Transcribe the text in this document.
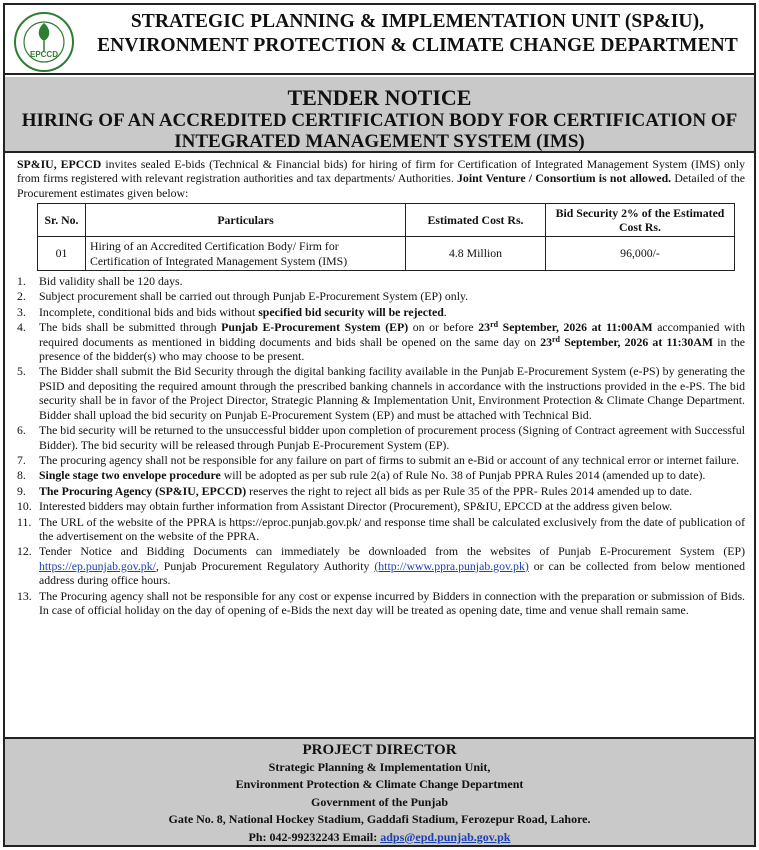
EPCCD
STRATEGIC PLANNING & IMPLEMENTATION UNIT (SP&IU),
ENVIRONMENT PROTECTION & CLIMATE CHANGE DEPARTMENT
TENDER NOTICE
HIRING OF AN ACCREDITED CERTIFICATION BODY FOR CERTIFICATION OF
INTEGRATED MANAGEMENT SYSTEM (IMS)

SP&IU, EPCCD invites sealed E-bids (Technical & Financial bids) for hiring of firm for Certification of Integrated Management System (IMS) only from firms registered with relevant registration authorities and tax departments/ Authorities. Joint Venture / Consortium is not allowed. Detailed of the Procurement estimates given below:

Sr. No.	Particulars	Estimated Cost Rs.	Bid Security 2% of the Estimated Cost Rs.
01	Hiring of an Accredited Certification Body/ Firm for Certification of Integrated Management System (IMS)	4.8 Million	96,000/-
1.	Bid validity shall be 120 days.
2.	Subject procurement shall be carried out through Punjab E-Procurement System (EP) only.
3.	Incomplete, conditional bids and bids without specified bid security will be rejected.
4.	The bids shall be submitted through Punjab E-Procurement System (EP) on or before 23rd September, 2026 at 11:00AM accompanied with required documents as mentioned in bidding documents and bids shall be opened on the same day on 23rd September, 2026 at 11:30AM in the presence of the bidder(s) who may choose to be present.
5.	The Bidder shall submit the Bid Security through the digital banking facility available in the Punjab E-Procurement System (e-PS) by generating the PSID and depositing the required amount through the prescribed banking channels in accordance with the instructions provided in the e-PS. The bid security shall be in favor of the Project Director, Strategic Planning & Implementation Unit, Environment Protection & Climate Change Department. Bidder shall upload the bid security on Punjab E-Procurement System (EP) and must be attached with Technical Bid.
6.	The bid security will be returned to the unsuccessful bidder upon completion of procurement process (Signing of Contract agreement with Successful Bidder). The bid security will be released through Punjab E-Procurement System (EP).
7.	The procuring agency shall not be responsible for any failure on part of firms to submit an e-Bid or account of any technical error or internet failure.
8.	Single stage two envelope procedure will be adopted as per sub rule 2(a) of Rule No. 38 of Punjab PPRA Rules 2014 (amended up to date).
9.	The Procuring Agency (SP&IU, EPCCD) reserves the right to reject all bids as per Rule 35 of the PPR- Rules 2014 amended up to date.
10. Interested bidders may obtain further information from Assistant Director (Procurement), SP&IU, EPCCD at the address given below.
11. The URL of the website of the PPRA is https://eproc.punjab.gov.pk/ and response time shall be calculated exclusively from the date of publication of the advertisement on the website of the PPRA.
12. Tender Notice and Bidding Documents can immediately be downloaded from the websites of Punjab E-Procurement System (EP) https://ep.punjab.gov.pk/, Punjab Procurement Regulatory Authority (http://www.ppra.punjab.gov.pk) or can be collected from below mentioned address during office hours.
13. The Procuring agency shall not be responsible for any cost or expense incurred by Bidders in connection with the preparation or submission of Bids. In case of official holiday on the day of opening of e-Bids the next day will be treated as opening date, time and venue shall remain same.
PROJECT DIRECTOR
Strategic Planning & Implementation Unit,
Environment Protection & Climate Change Department
Government of the Punjab
Gate No. 8, National Hockey Stadium, Gaddafi Stadium, Ferozepur Road, Lahore.
Ph: 042-99232243 Email: adps@epd.punjab.gov.pk
